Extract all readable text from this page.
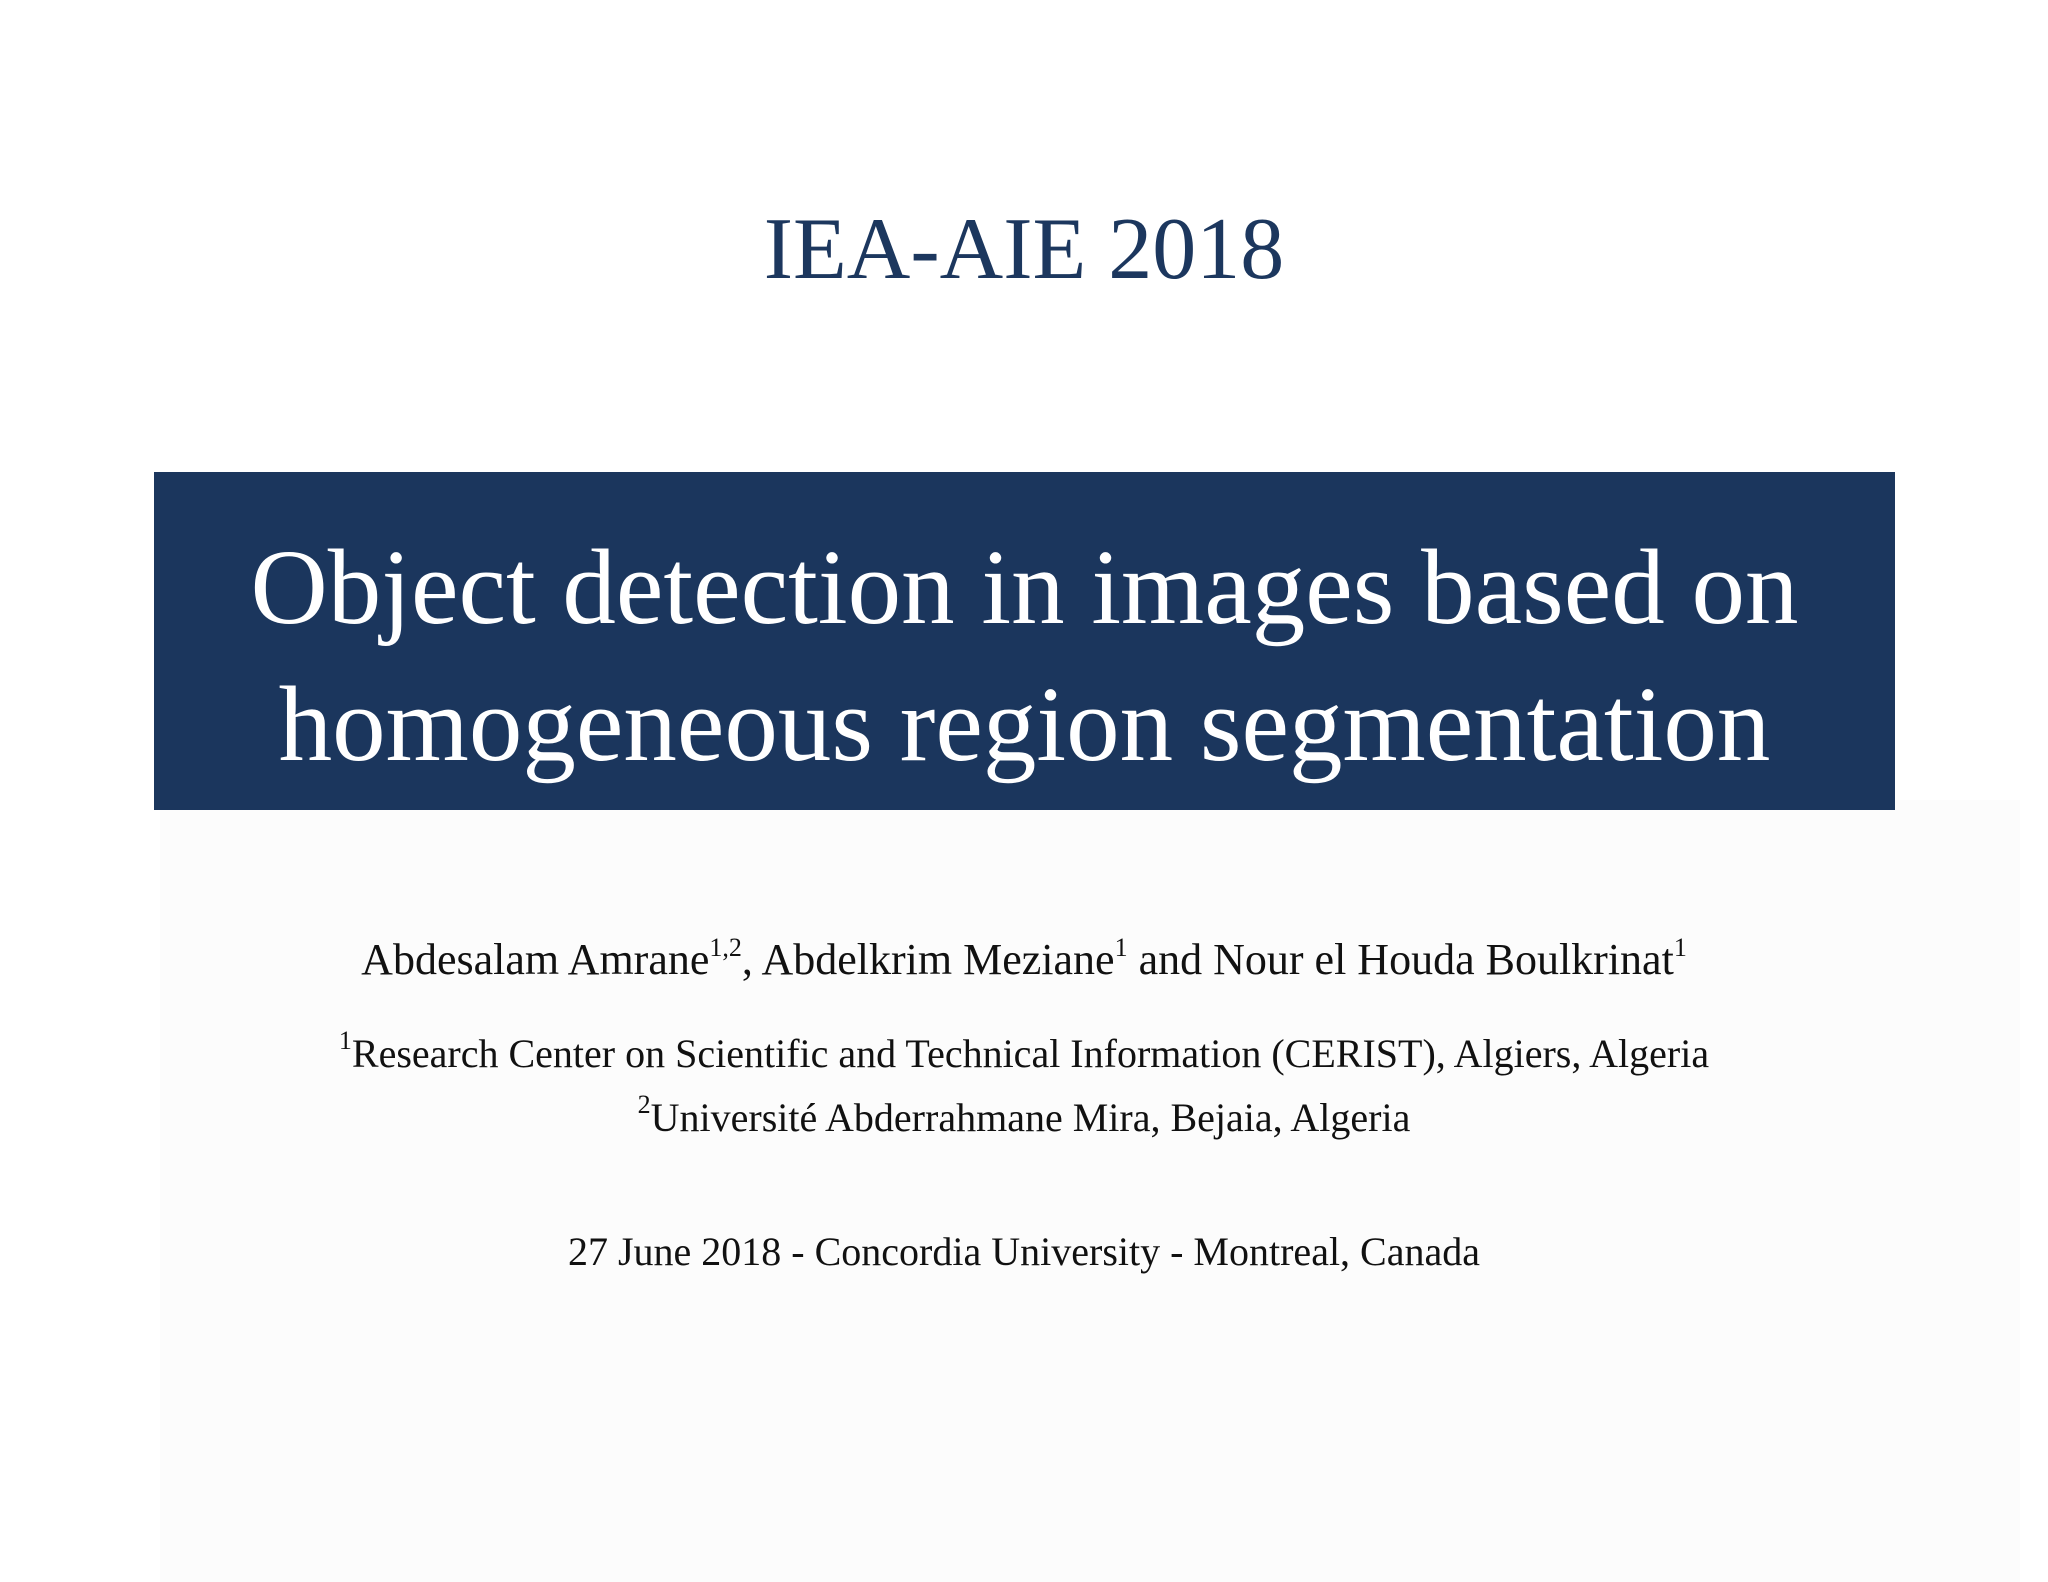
IEA-AIE 2018
Object detection in images based on
homogeneous region segmentation
Abdesalam Amrane$^{1,2}$, Abdelkrim Meziane$^1$ and Nour el Houda Boulkrinat$^1$
$^1$Research Center on Scientific and Technical Information (CERIST), Algiers, Algeria
$^2$Université Abderrahmane Mira, Bejaia, Algeria
27 June 2018 - Concordia University - Montreal, Canada
